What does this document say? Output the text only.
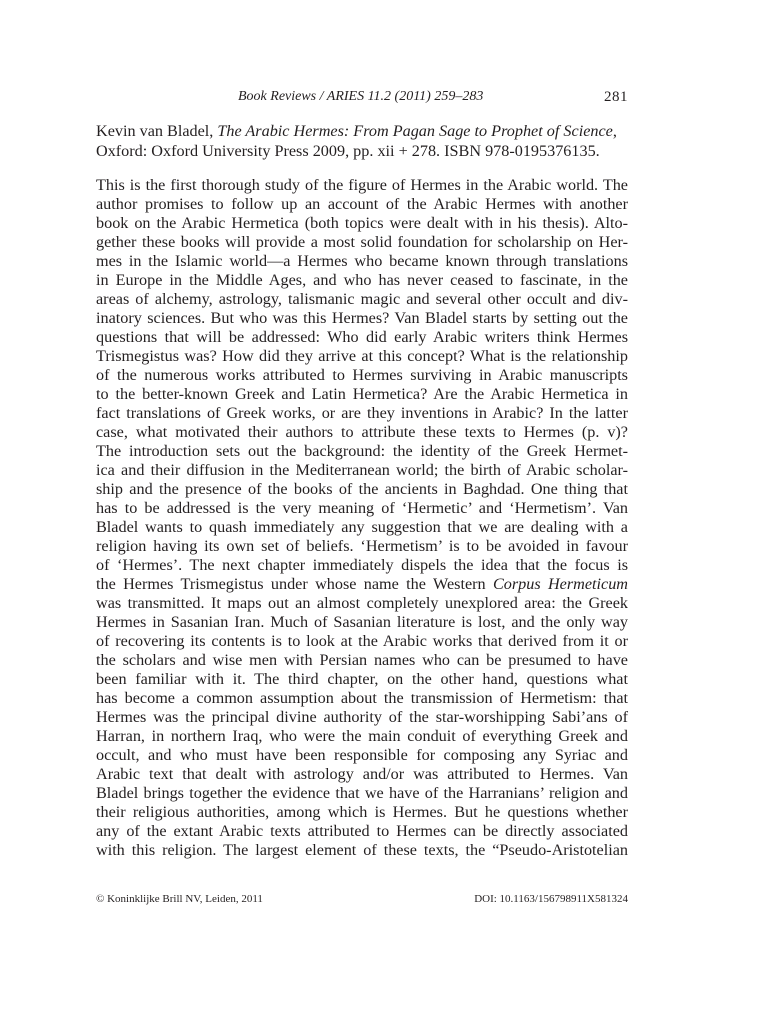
Book Reviews / ARIES 11.2 (2011) 259–283	281
Kevin van Bladel, The Arabic Hermes: From Pagan Sage to Prophet of Science,
Oxford: Oxford University Press 2009, pp. xii + 278. ISBN 978-0195376135.
This is the first thorough study of the figure of Hermes in the Arabic world. The
author promises to follow up an account of the Arabic Hermes with another
book on the Arabic Hermetica (both topics were dealt with in his thesis). Alto-
gether these books will provide a most solid foundation for scholarship on Her-
mes in the Islamic world—a Hermes who became known through translations
in Europe in the Middle Ages, and who has never ceased to fascinate, in the
areas of alchemy, astrology, talismanic magic and several other occult and div-
inatory sciences. But who was this Hermes? Van Bladel starts by setting out the
questions that will be addressed: Who did early Arabic writers think Hermes
Trismegistus was? How did they arrive at this concept? What is the relationship
of the numerous works attributed to Hermes surviving in Arabic manuscripts
to the better-known Greek and Latin Hermetica? Are the Arabic Hermetica in
fact translations of Greek works, or are they inventions in Arabic? In the latter
case, what motivated their authors to attribute these texts to Hermes (p. v)?
The introduction sets out the background: the identity of the Greek Hermet-
ica and their diffusion in the Mediterranean world; the birth of Arabic scholar-
ship and the presence of the books of the ancients in Baghdad. One thing that
has to be addressed is the very meaning of ‘Hermetic’ and ‘Hermetism’. Van
Bladel wants to quash immediately any suggestion that we are dealing with a
religion having its own set of beliefs. ‘Hermetism’ is to be avoided in favour
of ‘Hermes’. The next chapter immediately dispels the idea that the focus is
the Hermes Trismegistus under whose name the Western Corpus Hermeticum
was transmitted. It maps out an almost completely unexplored area: the Greek
Hermes in Sasanian Iran. Much of Sasanian literature is lost, and the only way
of recovering its contents is to look at the Arabic works that derived from it or
the scholars and wise men with Persian names who can be presumed to have
been familiar with it. The third chapter, on the other hand, questions what
has become a common assumption about the transmission of Hermetism: that
Hermes was the principal divine authority of the star-worshipping Sabi’ans of
Harran, in northern Iraq, who were the main conduit of everything Greek and
occult, and who must have been responsible for composing any Syriac and
Arabic text that dealt with astrology and/or was attributed to Hermes. Van
Bladel brings together the evidence that we have of the Harranians’ religion and
their religious authorities, among which is Hermes. But he questions whether
any of the extant Arabic texts attributed to Hermes can be directly associated
with this religion. The largest element of these texts, the “Pseudo-Aristotelian
© Koninklijke Brill NV, Leiden, 2011	DOI: 10.1163/156798911X581324
